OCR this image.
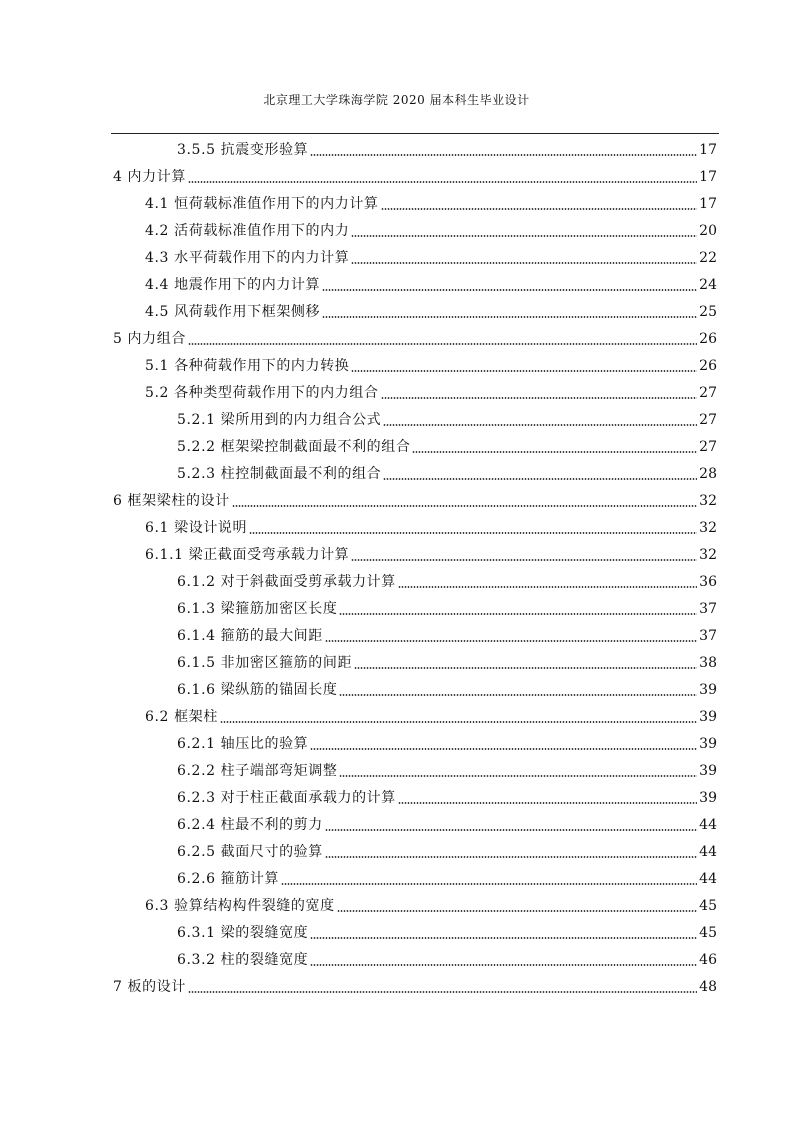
北京理工大学珠海学院 2020 届本科生毕业设计
3.5.5 抗震变形验算	17
4 内力计算	17
4.1 恒荷载标准值作用下的内力计算	17
4.2 活荷载标准值作用下的内力	20
4.3 水平荷载作用下的内力计算	22
4.4 地震作用下的内力计算	24
4.5 风荷载作用下框架侧移	25
5 内力组合	26
5.1 各种荷载作用下的内力转换	26
5.2 各种类型荷载作用下的内力组合	27
5.2.1 梁所用到的内力组合公式	27
5.2.2 框架梁控制截面最不利的组合	27
5.2.3 柱控制截面最不利的组合	28
6 框架梁柱的设计	32
6.1 梁设计说明	32
6.1.1 梁正截面受弯承载力计算	32
6.1.2 对于斜截面受剪承载力计算	36
6.1.3 梁箍筋加密区长度	37
6.1.4 箍筋的最大间距	37
6.1.5 非加密区箍筋的间距	38
6.1.6 梁纵筋的锚固长度	39
6.2 框架柱	39
6.2.1 轴压比的验算	39
6.2.2 柱子端部弯矩调整	39
6.2.3 对于柱正截面承载力的计算	39
6.2.4 柱最不利的剪力	44
6.2.5 截面尺寸的验算	44
6.2.6 箍筋计算	44
6.3 验算结构构件裂缝的宽度	45
6.3.1 梁的裂缝宽度	45
6.3.2 柱的裂缝宽度	46
7 板的设计	48
